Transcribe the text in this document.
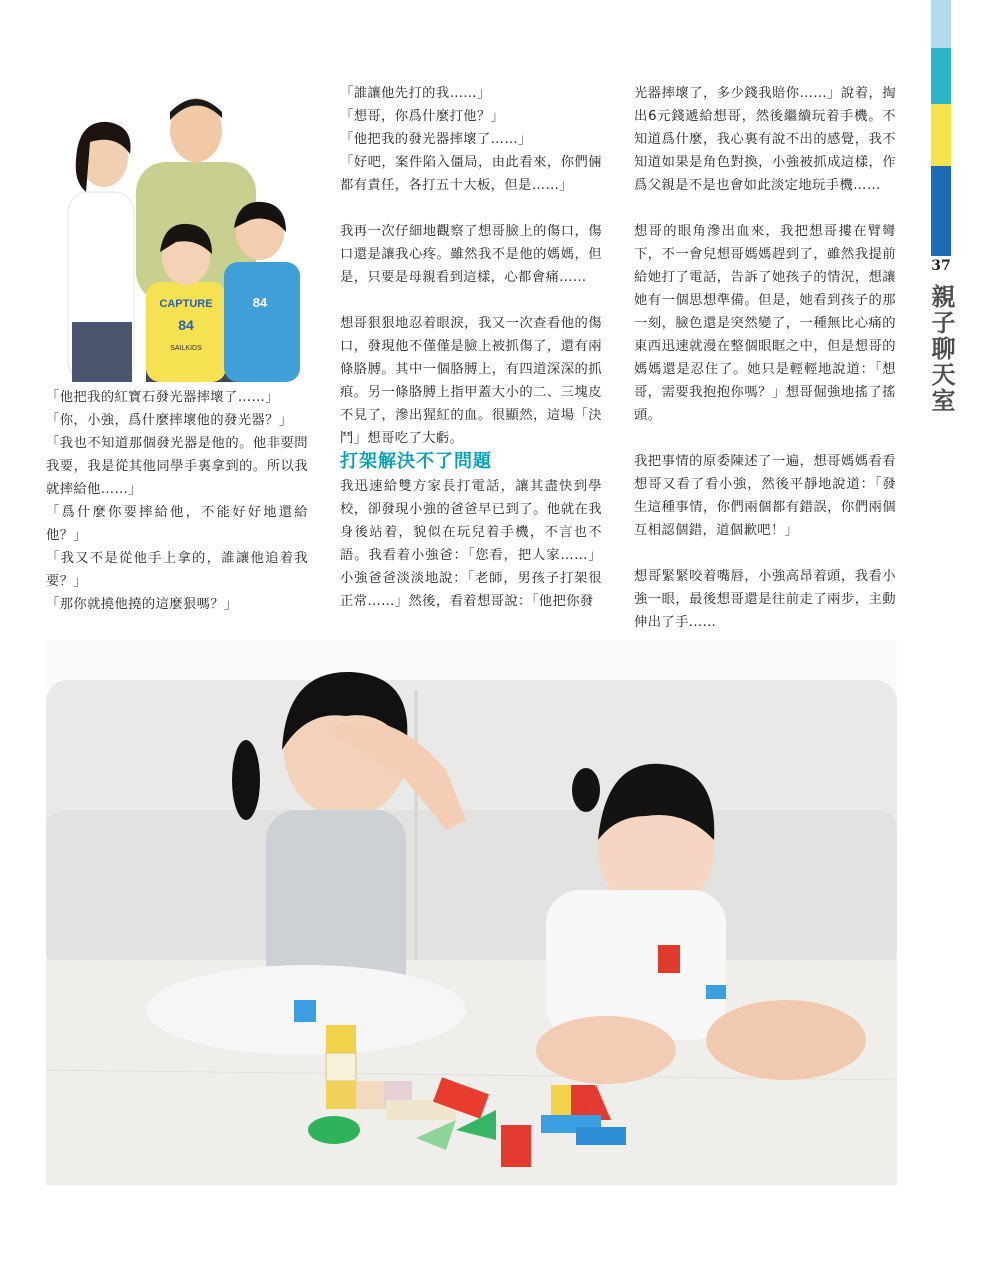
37
親子聊天室
CAPTURE
84
SAILKIDS
84

「他把我的紅寶石發光器摔壞了……」

「你，小強，爲什麼摔壞他的發光器？」

「我也不知道那個發光器是他的。他非要問我要，我是從其他同學手裏拿到的。所以我就摔給他……」

「爲什麼你要摔給他，不能好好地還給他？」

「我又不是從他手上拿的，誰讓他追着我要？」

「那你就撓他撓的這麼狠嗎？」

「誰讓他先打的我……」

「想哥，你爲什麼打他？」

「他把我的發光器摔壞了……」

「好吧，案件陷入僵局，由此看來，你們倆都有責任，各打五十大板，但是……」

我再一次仔細地觀察了想哥臉上的傷口，傷口還是讓我心疼。雖然我不是他的媽媽，但是，只要是母親看到這樣，心都會痛……

想哥狠狠地忍着眼淚，我又一次查看他的傷口，發現他不僅僅是臉上被抓傷了，還有兩條胳膊。其中一個胳膊上，有四道深深的抓痕。另一條胳膊上指甲蓋大小的二、三塊皮不見了，滲出猩紅的血。很顯然，這場「決鬥」想哥吃了大虧。

打架解決不了問題

我迅速給雙方家長打電話，讓其盡快到學校，卻發現小強的爸爸早已到了。他就在我身後站着，貌似在玩兒着手機，不言也不語。我看着小強爸：「您看，把人家……」小強爸爸淡淡地說：「老師，男孩子打架很正常……」然後，看着想哥說：「他把你發

光器摔壞了，多少錢我賠你……」說着，掏出6元錢遞給想哥，然後繼續玩着手機。不知道爲什麼，我心裏有說不出的感覺，我不知道如果是角色對換，小強被抓成這樣，作爲父親是不是也會如此淡定地玩手機……

想哥的眼角滲出血來，我把想哥摟在臂彎下，不一會兒想哥媽媽趕到了，雖然我提前給她打了電話，告訴了她孩子的情況，想讓她有一個思想準備。但是，她看到孩子的那一刻，臉色還是突然變了，一種無比心痛的東西迅速就漫在整個眼眶之中，但是想哥的媽媽還是忍住了。她只是輕輕地說道：「想哥，需要我抱抱你嗎？」想哥倔強地搖了搖頭。

我把事情的原委陳述了一遍，想哥媽媽看看想哥又看了看小強，然後平靜地說道：「發生這種事情，你們兩個都有錯誤，你們兩個互相認個錯，道個歉吧！」

想哥緊緊咬着嘴唇，小強高昂着頭，我看小強一眼，最後想哥還是往前走了兩步，主動伸出了手……
